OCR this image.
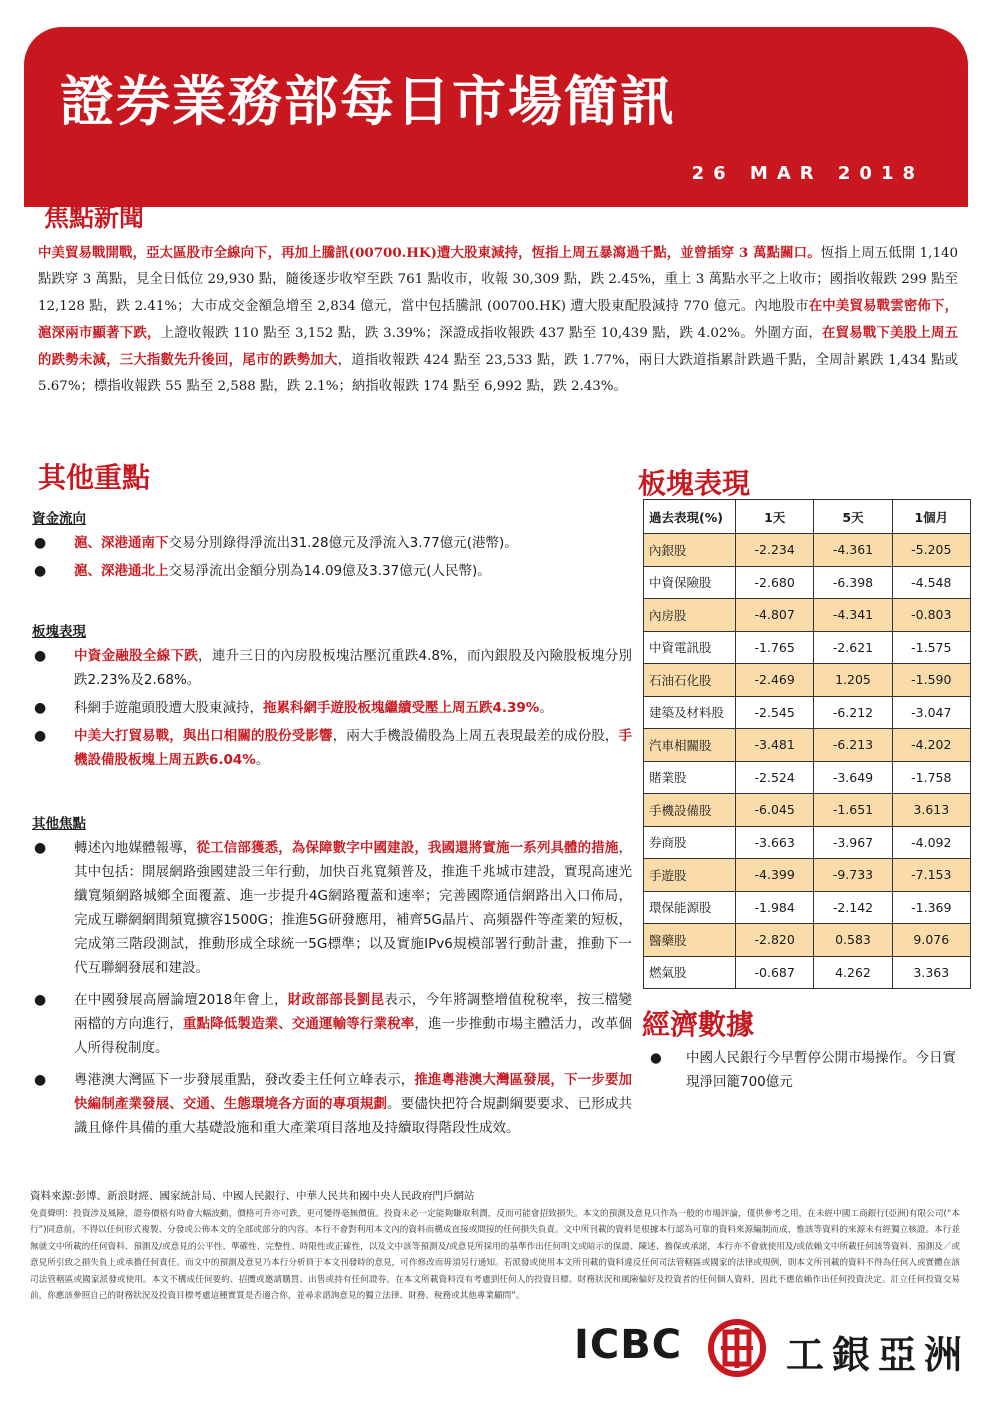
證券業務部每日市場簡訊
26 MAR 2018
焦點新聞

中美貿易戰開戰，亞太區股市全線向下，再加上騰訊(00700.HK)遭大股東減持，恆指上周五暴瀉過千點，並曾插穿 3 萬點關口。恆指上周五低開 1,140 點跌穿 3 萬點，見全日低位 29,930 點，隨後逐步收窄至跌 761 點收市，收報 30,309 點，跌 2.45%，重上 3 萬點水平之上收市；國指收報跌 299 點至 12,128 點，跌 2.41%；大市成交金額急增至 2,834 億元，當中包括騰訊 (00700.HK) 遭大股東配股減持 770 億元。內地股市在中美貿易戰雲密佈下，滬深兩市顯著下跌，上證收報跌 110 點至 3,152 點，跌 3.39%；深證成指收報跌 437 點至 10,439 點，跌 4.02%。外圍方面，在貿易戰下美股上周五的跌勢未減，三大指數先升後回，尾市的跌勢加大，道指收報跌 424 點至 23,533 點，跌 1.77%，兩日大跌道指累計跌過千點，全周計累跌 1,434 點或 5.67%；標指收報跌 55 點至 2,588 點，跌 2.1%；納指收報跌 174 點至 6,992 點，跌 2.43%。

其他重點
資金流向
● 滬、深港通南下交易分別錄得淨流出31.28億元及淨流入3.77億元(港幣)。
● 滬、深港通北上交易淨流出金額分別為14.09億及3.37億元(人民幣)。
板塊表現
● 中資金融股全線下跌，連升三日的內房股板塊沽壓沉重跌4.8%，而內銀股及內險股板塊分別跌2.23%及2.68%。
● 科網手遊龍頭股遭大股東減持，拖累科網手遊股板塊繼續受壓上周五跌4.39%。
● 中美大打貿易戰，與出口相關的股份受影響，兩大手機設備股為上周五表現最差的成份股，手機設備股板塊上周五跌6.04%。
其他焦點
● 轉述內地媒體報導，從工信部獲悉，為保障數字中國建設，我國還將實施一系列具體的措施，其中包括：開展網路強國建設三年行動，加快百兆寬頻普及，推進千兆城市建設，實現高速光纖寬頻網路城鄉全面覆蓋、進一步提升4G網路覆蓋和速率；完善國際通信網路出入口佈局，完成互聯網網間頻寬擴容1500G；推進5G研發應用，補齊5G晶片、高頻器件等產業的短板，完成第三階段測試，推動形成全球統一5G標準；以及實施IPv6規模部署行動計畫，推動下一代互聯網發展和建設。
● 在中國發展高層論壇2018年會上，財政部部長劉昆表示，今年將調整增值稅稅率，按三檔變兩檔的方向進行，重點降低製造業、交通運輸等行業稅率，進一步推動市場主體活力，改革個人所得稅制度。
● 粵港澳大灣區下一步發展重點，發改委主任何立峰表示，推進粵港澳大灣區發展，下一步要加快編制產業發展、交通、生態環境各方面的專項規劃。要儘快把符合規劃綱要要求、已形成共識且條件具備的重大基礎設施和重大產業項目落地及持續取得階段性成效。
板塊表現
過去表現(%)	1天	5天	1個月
內銀股	-2.234	-4.361	-5.205
中資保險股	-2.680	-6.398	-4.548
內房股	-4.807	-4.341	-0.803
中資電訊股	-1.765	-2.621	-1.575
石油石化股	-2.469	1.205	-1.590
建築及材料股	-2.545	-6.212	-3.047
汽車相關股	-3.481	-6.213	-4.202
賭業股	-2.524	-3.649	-1.758
手機設備股	-6.045	-1.651	3.613
券商股	-3.663	-3.967	-4.092
手遊股	-4.399	-9.733	-7.153
環保能源股	-1.984	-2.142	-1.369
醫藥股	-2.820	0.583	9.076
燃氣股	-0.687	4.262	3.363
經濟數據
● 中國人民銀行今早暫停公開市場操作。今日實現淨回籠700億元
資料來源:彭博、新浪財經、國家統計局、中國人民銀行、中華人民共和國中央人民政府門戶網站

免責聲明：投資涉及風險，證券價格有時會大幅波動，價格可升亦可跌，更可變得毫無價值。投資未必一定能夠賺取利潤，反而可能會招致損失。本文的預測及意見只作為一般的市場評論，僅供參考之用，在未經中國工商銀行(亞洲)有限公司(“本行”)同意前，不得以任何形式複製、分發或公佈本文的全部或部分的內容。本行不會對利用本文內的資料而構成直接或間接的任何損失負責。文中所刊載的資料是根據本行認為可靠的資料來源編制而成，惟該等資料的來源未有經獨立核證。本行並無就文中所載的任何資料、預測及/或意見的公平性、準確性、完整性、時限性或正確性，以及文中該等預測及/或意見所採用的基準作出任何明文或暗示的保證、陳述、擔保或承諾，本行亦不會就使用及/或依賴文中所載任何該等資料、預測及／或意見所引致之損失負上或承擔任何責任。而文中的預測及意見乃本行分析員于本文刊發時的意見，可作修改而毋須另行通知。若派發或使用本文所刊載的資料違反任何司法管轄區或國家的法律或規例，則本文所刊載的資料不得為任何人或實體在該司法管轄區或國家派發或使用。本文不構成任何要約、招攬或邀請購買、出售或持有任何證券。在本文所載資料沒有考慮到任何人的投資目標、財務狀況和風險偏好及投資者的任何個人資料，因此不應依賴作出任何投資決定。訂立任何投資交易前，你應該參照自己的財務狀況及投資目標考慮這種實質是否適合你，並尋求諮詢意見的獨立法律、財務、稅務或其他專業顧問”。

ICBC	工銀亞洲
